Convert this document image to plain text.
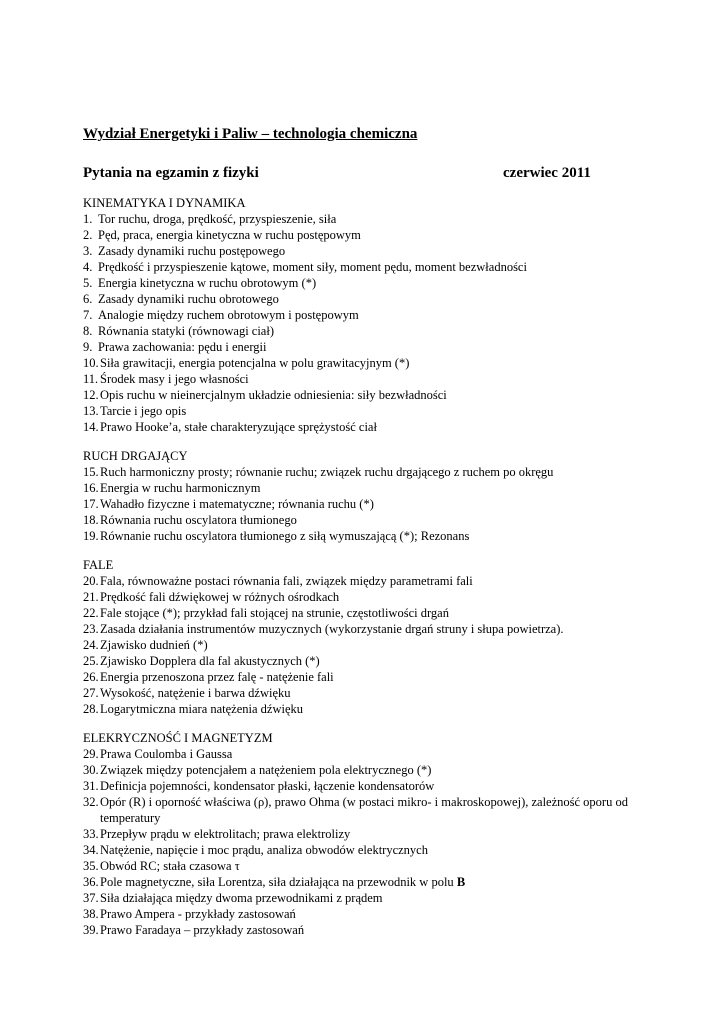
Wydział Energetyki i Paliw – technologia chemiczna
Pytania na egzamin z fizyki	czerwiec 2011
KINEMATYKA I DYNAMIKA
1. Tor ruchu, droga, prędkość, przyspieszenie, siła
2. Pęd, praca, energia kinetyczna w ruchu postępowym
3. Zasady dynamiki ruchu postępowego
4. Prędkość i przyspieszenie kątowe, moment siły, moment pędu, moment bezwładności
5. Energia kinetyczna w ruchu obrotowym (*)
6. Zasady dynamiki ruchu obrotowego
7. Analogie między ruchem obrotowym i postępowym
8. Równania statyki (równowagi ciał)
9. Prawa zachowania: pędu i energii
10. Siła grawitacji, energia potencjalna w polu grawitacyjnym (*)
11. Środek masy i jego własności
12. Opis ruchu w nieinercjalnym układzie odniesienia: siły bezwładności
13. Tarcie i jego opis
14. Prawo Hooke’a, stałe charakteryzujące sprężystość ciał
RUCH DRGAJĄCY
15. Ruch harmoniczny prosty; równanie ruchu; związek ruchu drgającego z ruchem po okręgu
16. Energia w ruchu harmonicznym
17. Wahadło fizyczne i matematyczne; równania ruchu (*)
18. Równania ruchu oscylatora tłumionego
19. Równanie ruchu oscylatora tłumionego z siłą wymuszającą (*); Rezonans
FALE
20. Fala, równoważne postaci równania fali, związek między parametrami fali
21. Prędkość fali dźwiękowej w różnych ośrodkach
22. Fale stojące (*); przykład fali stojącej na strunie, częstotliwości drgań
23. Zasada działania instrumentów muzycznych (wykorzystanie drgań struny i słupa powietrza).
24. Zjawisko dudnień (*)
25. Zjawisko Dopplera dla fal akustycznych (*)
26. Energia przenoszona przez falę - natężenie fali
27. Wysokość, natężenie i barwa dźwięku
28. Logarytmiczna miara natężenia dźwięku
ELEKRYCZNOŚĆ I MAGNETYZM
29. Prawa Coulomba i Gaussa
30. Związek między potencjałem a natężeniem pola elektrycznego (*)
31. Definicja pojemności, kondensator płaski, łączenie kondensatorów
32. Opór (R) i oporność właściwa (ρ), prawo Ohma (w postaci mikro- i makroskopowej), zależność oporu od temperatury
33. Przepływ prądu w elektrolitach; prawa elektrolizy
34. Natężenie, napięcie i moc prądu, analiza obwodów elektrycznych
35. Obwód RC; stała czasowa τ
36. Pole magnetyczne, siła Lorentza, siła działająca na przewodnik w polu B
37. Siła działająca między dwoma przewodnikami z prądem
38. Prawo Ampera - przykłady zastosowań
39. Prawo Faradaya – przykłady zastosowań
